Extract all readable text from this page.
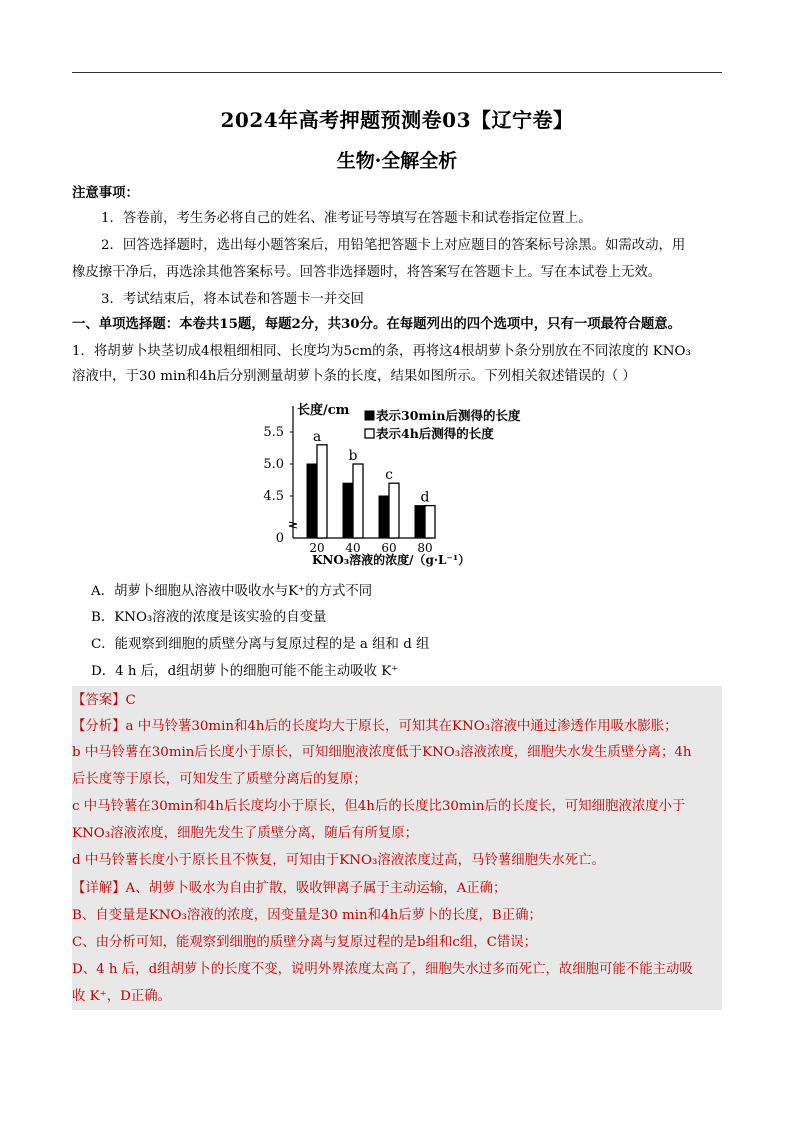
2024年高考押题预测卷03【辽宁卷】
生物·全解全析
注意事项：
1．答卷前，考生务必将自己的姓名、准考证号等填写在答题卡和试卷指定位置上。
2．回答选择题时，选出每小题答案后，用铅笔把答题卡上对应题目的答案标号涂黑。如需改动，用
橡皮擦干净后，再选涂其他答案标号。回答非选择题时，将答案写在答题卡上。写在本试卷上无效。
3．考试结束后，将本试卷和答题卡一并交回
一、单项选择题：本卷共15题，每题2分，共30分。在每题列出的四个选项中，只有一项最符合题意。
1．将胡萝卜块茎切成4根粗细相同、长度均为5cm的条，再将这4根胡萝卜条分别放在不同浓度的 KNO₃
溶液中，于30 min和4h后分别测量胡萝卜条的长度，结果如图所示。下列相关叙述错误的（ ）
5.5
5.0
4.5
0
a
20
b
40
c
60
d
80
长度/cm
KNO₃溶液的浓度/（g·L⁻¹）
表示30min后测得的长度
表示4h后测得的长度
A．胡萝卜细胞从溶液中吸收水与K⁺的方式不同
B．KNO₃溶液的浓度是该实验的自变量
C．能观察到细胞的质壁分离与复原过程的是 a 组和 d 组
D．4 h 后，d组胡萝卜的细胞可能不能主动吸收 K⁺
【答案】C
【分析】a 中马铃薯30min和4h后的长度均大于原长，可知其在KNO₃溶液中通过渗透作用吸水膨胀；
b 中马铃薯在30min后长度小于原长，可知细胞液浓度低于KNO₃溶液浓度，细胞失水发生质壁分离；4h
后长度等于原长，可知发生了质壁分离后的复原；
c 中马铃薯在30min和4h后长度均小于原长，但4h后的长度比30min后的长度长，可知细胞液浓度小于
KNO₃溶液浓度，细胞先发生了质壁分离，随后有所复原；
d 中马铃薯长度小于原长且不恢复，可知由于KNO₃溶液浓度过高，马铃薯细胞失水死亡。
【详解】A、胡萝卜吸水为自由扩散，吸收钾离子属于主动运输，A正确；
B、自变量是KNO₃溶液的浓度，因变量是30 min和4h后萝卜的长度，B正确；
C、由分析可知，能观察到细胞的质壁分离与复原过程的是b组和c组，C错误；
D、4 h 后，d组胡萝卜的长度不变，说明外界浓度太高了，细胞失水过多而死亡，故细胞可能不能主动吸
收 K⁺，D正确。
